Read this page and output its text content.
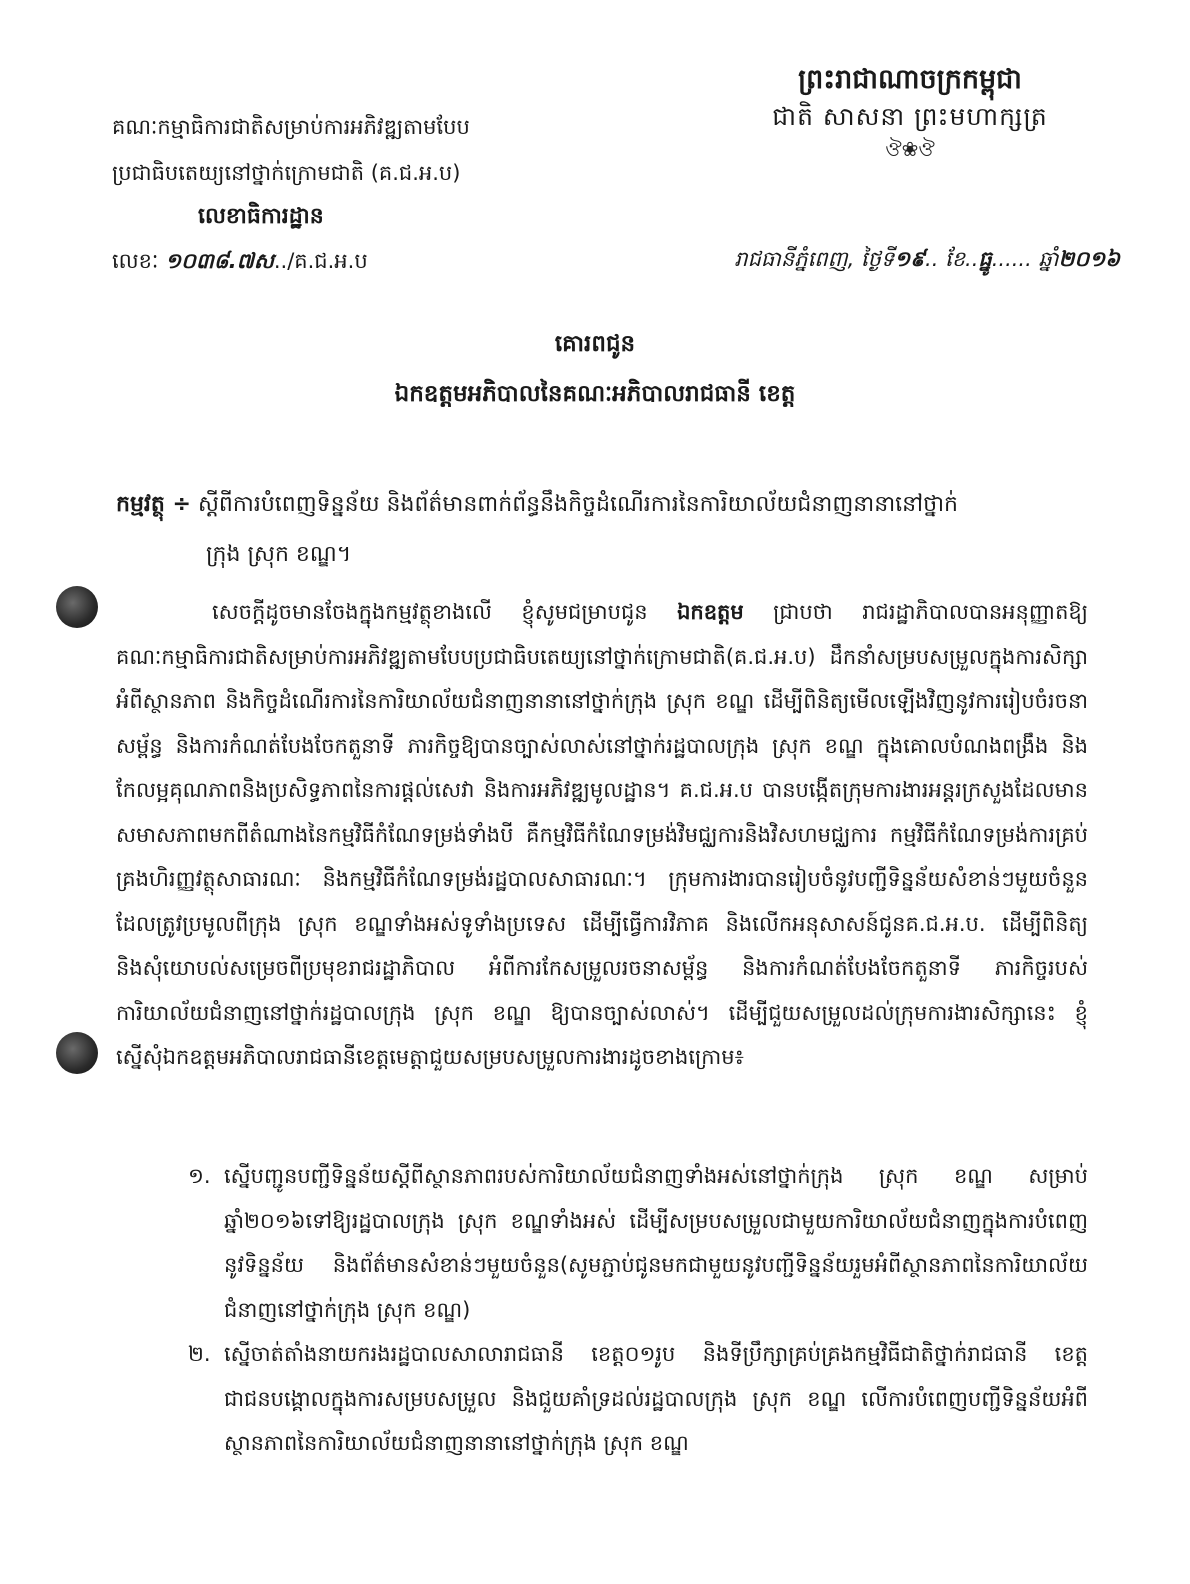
ព្រះរាជាណាចក្រកម្ពុជា
ជាតិ សាសនា ព្រះមហាក្សត្រ
ঔ❀ঔ
គណៈកម្មាធិការជាតិសម្រាប់ការអភិវឌ្ឍតាមបែប
ប្រជាធិបតេយ្យនៅថ្នាក់ក្រោមជាតិ (គ.ជ.អ.ប)
លេខាធិការដ្ឋាន
លេខៈ ១០៣៨.៧ស../គ.ជ.អ.ប	រាជធានីភ្នំពេញ, ថ្ងៃទី១៩.. ខែ..ធ្នូ...... ឆ្នាំ២០១៦
គោរពជូន
ឯកឧត្តមអភិបាលនៃគណៈអភិបាលរាជធានី ខេត្ត
កម្មវត្ថុ ÷ ស្តីពីការបំពេញទិន្នន័យ និងព័ត៌មានពាក់ព័ន្ធនឹងកិច្ចដំណើរការនៃការិយាល័យជំនាញនានានៅថ្នាក់
ក្រុង ស្រុក ខណ្ឌ។
សេចក្តីដូចមានចែងក្នុងកម្មវត្ថុខាងលើ ខ្ញុំសូមជម្រាបជូន ឯកឧត្តម ជ្រាបថា រាជរដ្ឋាភិបាលបានអនុញ្ញាតឱ្យគណៈកម្មាធិការជាតិសម្រាប់ការអភិវឌ្ឍតាមបែបប្រជាធិបតេយ្យនៅថ្នាក់ក្រោមជាតិ(គ.ជ.អ.ប) ដឹកនាំសម្របសម្រួលក្នុងការសិក្សាអំពីស្ថានភាព និងកិច្ចដំណើរការនៃការិយាល័យជំនាញនានានៅថ្នាក់ក្រុង ស្រុក ខណ្ឌ ដើម្បីពិនិត្យមើលឡើងវិញនូវការរៀបចំរចនាសម្ព័ន្ធ និងការកំណត់បែងចែកតួនាទី ភារកិច្ចឱ្យបានច្បាស់លាស់នៅថ្នាក់រដ្ឋបាលក្រុង ស្រុក ខណ្ឌ ក្នុងគោលបំណងពង្រឹង និងកែលម្អគុណភាពនិងប្រសិទ្ធភាពនៃការផ្តល់សេវា និងការអភិវឌ្ឍមូលដ្ឋាន។ គ.ជ.អ.ប បានបង្កើតក្រុមការងារអន្តរក្រសួងដែលមានសមាសភាពមកពីតំណាងនៃកម្មវិធីកំណែទម្រង់ទាំងបី គឺកម្មវិធីកំណែទម្រង់វិមជ្ឈការនិងវិសហមជ្ឈការ កម្មវិធីកំណែទម្រង់ការគ្រប់គ្រងហិរញ្ញវត្ថុសាធារណៈ និងកម្មវិធីកំណែទម្រង់រដ្ឋបាលសាធារណៈ។ ក្រុមការងារបានរៀបចំនូវបញ្ជីទិន្នន័យសំខាន់ៗមួយចំនួនដែលត្រូវប្រមូលពីក្រុង ស្រុក ខណ្ឌទាំងអស់ទូទាំងប្រទេស ដើម្បីធ្វើការវិភាគ និងលើកអនុសាសន៍ជូនគ.ជ.អ.ប. ដើម្បីពិនិត្យ និងសុំយោបល់សម្រេចពីប្រមុខរាជរដ្ឋាភិបាល អំពីការកែសម្រួលរចនាសម្ព័ន្ធ និងការកំណត់បែងចែកតួនាទី ភារកិច្ចរបស់ការិយាល័យជំនាញនៅថ្នាក់រដ្ឋបាលក្រុង ស្រុក ខណ្ឌ ឱ្យបានច្បាស់លាស់។ ដើម្បីជួយសម្រួលដល់ក្រុមការងារសិក្សានេះ ខ្ញុំស្នើសុំឯកឧត្តមអភិបាលរាជធានីខេត្តមេត្តាជួយសម្របសម្រួលការងារដូចខាងក្រោម៖
១. ស្នើបញ្ជូនបញ្ជីទិន្នន័យស្តីពីស្ថានភាពរបស់ការិយាល័យជំនាញទាំងអស់នៅថ្នាក់ក្រុង ស្រុក ខណ្ឌ សម្រាប់ឆ្នាំ២០១៦ទៅឱ្យរដ្ឋបាលក្រុង ស្រុក ខណ្ឌទាំងអស់ ដើម្បីសម្របសម្រួលជាមួយការិយាល័យជំនាញក្នុងការបំពេញនូវទិន្នន័យ និងព័ត៌មានសំខាន់ៗមួយចំនួន(សូមភ្ជាប់ជូនមកជាមួយនូវបញ្ជីទិន្នន័យរួមអំពីស្ថានភាពនៃការិយាល័យជំនាញនៅថ្នាក់ក្រុង ស្រុក ខណ្ឌ)
២. ស្នើចាត់តាំងនាយករងរដ្ឋបាលសាលារាជធានី ខេត្ត០១រូប និងទីប្រឹក្សាគ្រប់គ្រងកម្មវិធីជាតិថ្នាក់រាជធានី ខេត្តជាជនបង្គោលក្នុងការសម្របសម្រួល និងជួយគាំទ្រដល់រដ្ឋបាលក្រុង ស្រុក ខណ្ឌ លើការបំពេញបញ្ជីទិន្នន័យអំពីស្ថានភាពនៃការិយាល័យជំនាញនានានៅថ្នាក់ក្រុង ស្រុក ខណ្ឌ
